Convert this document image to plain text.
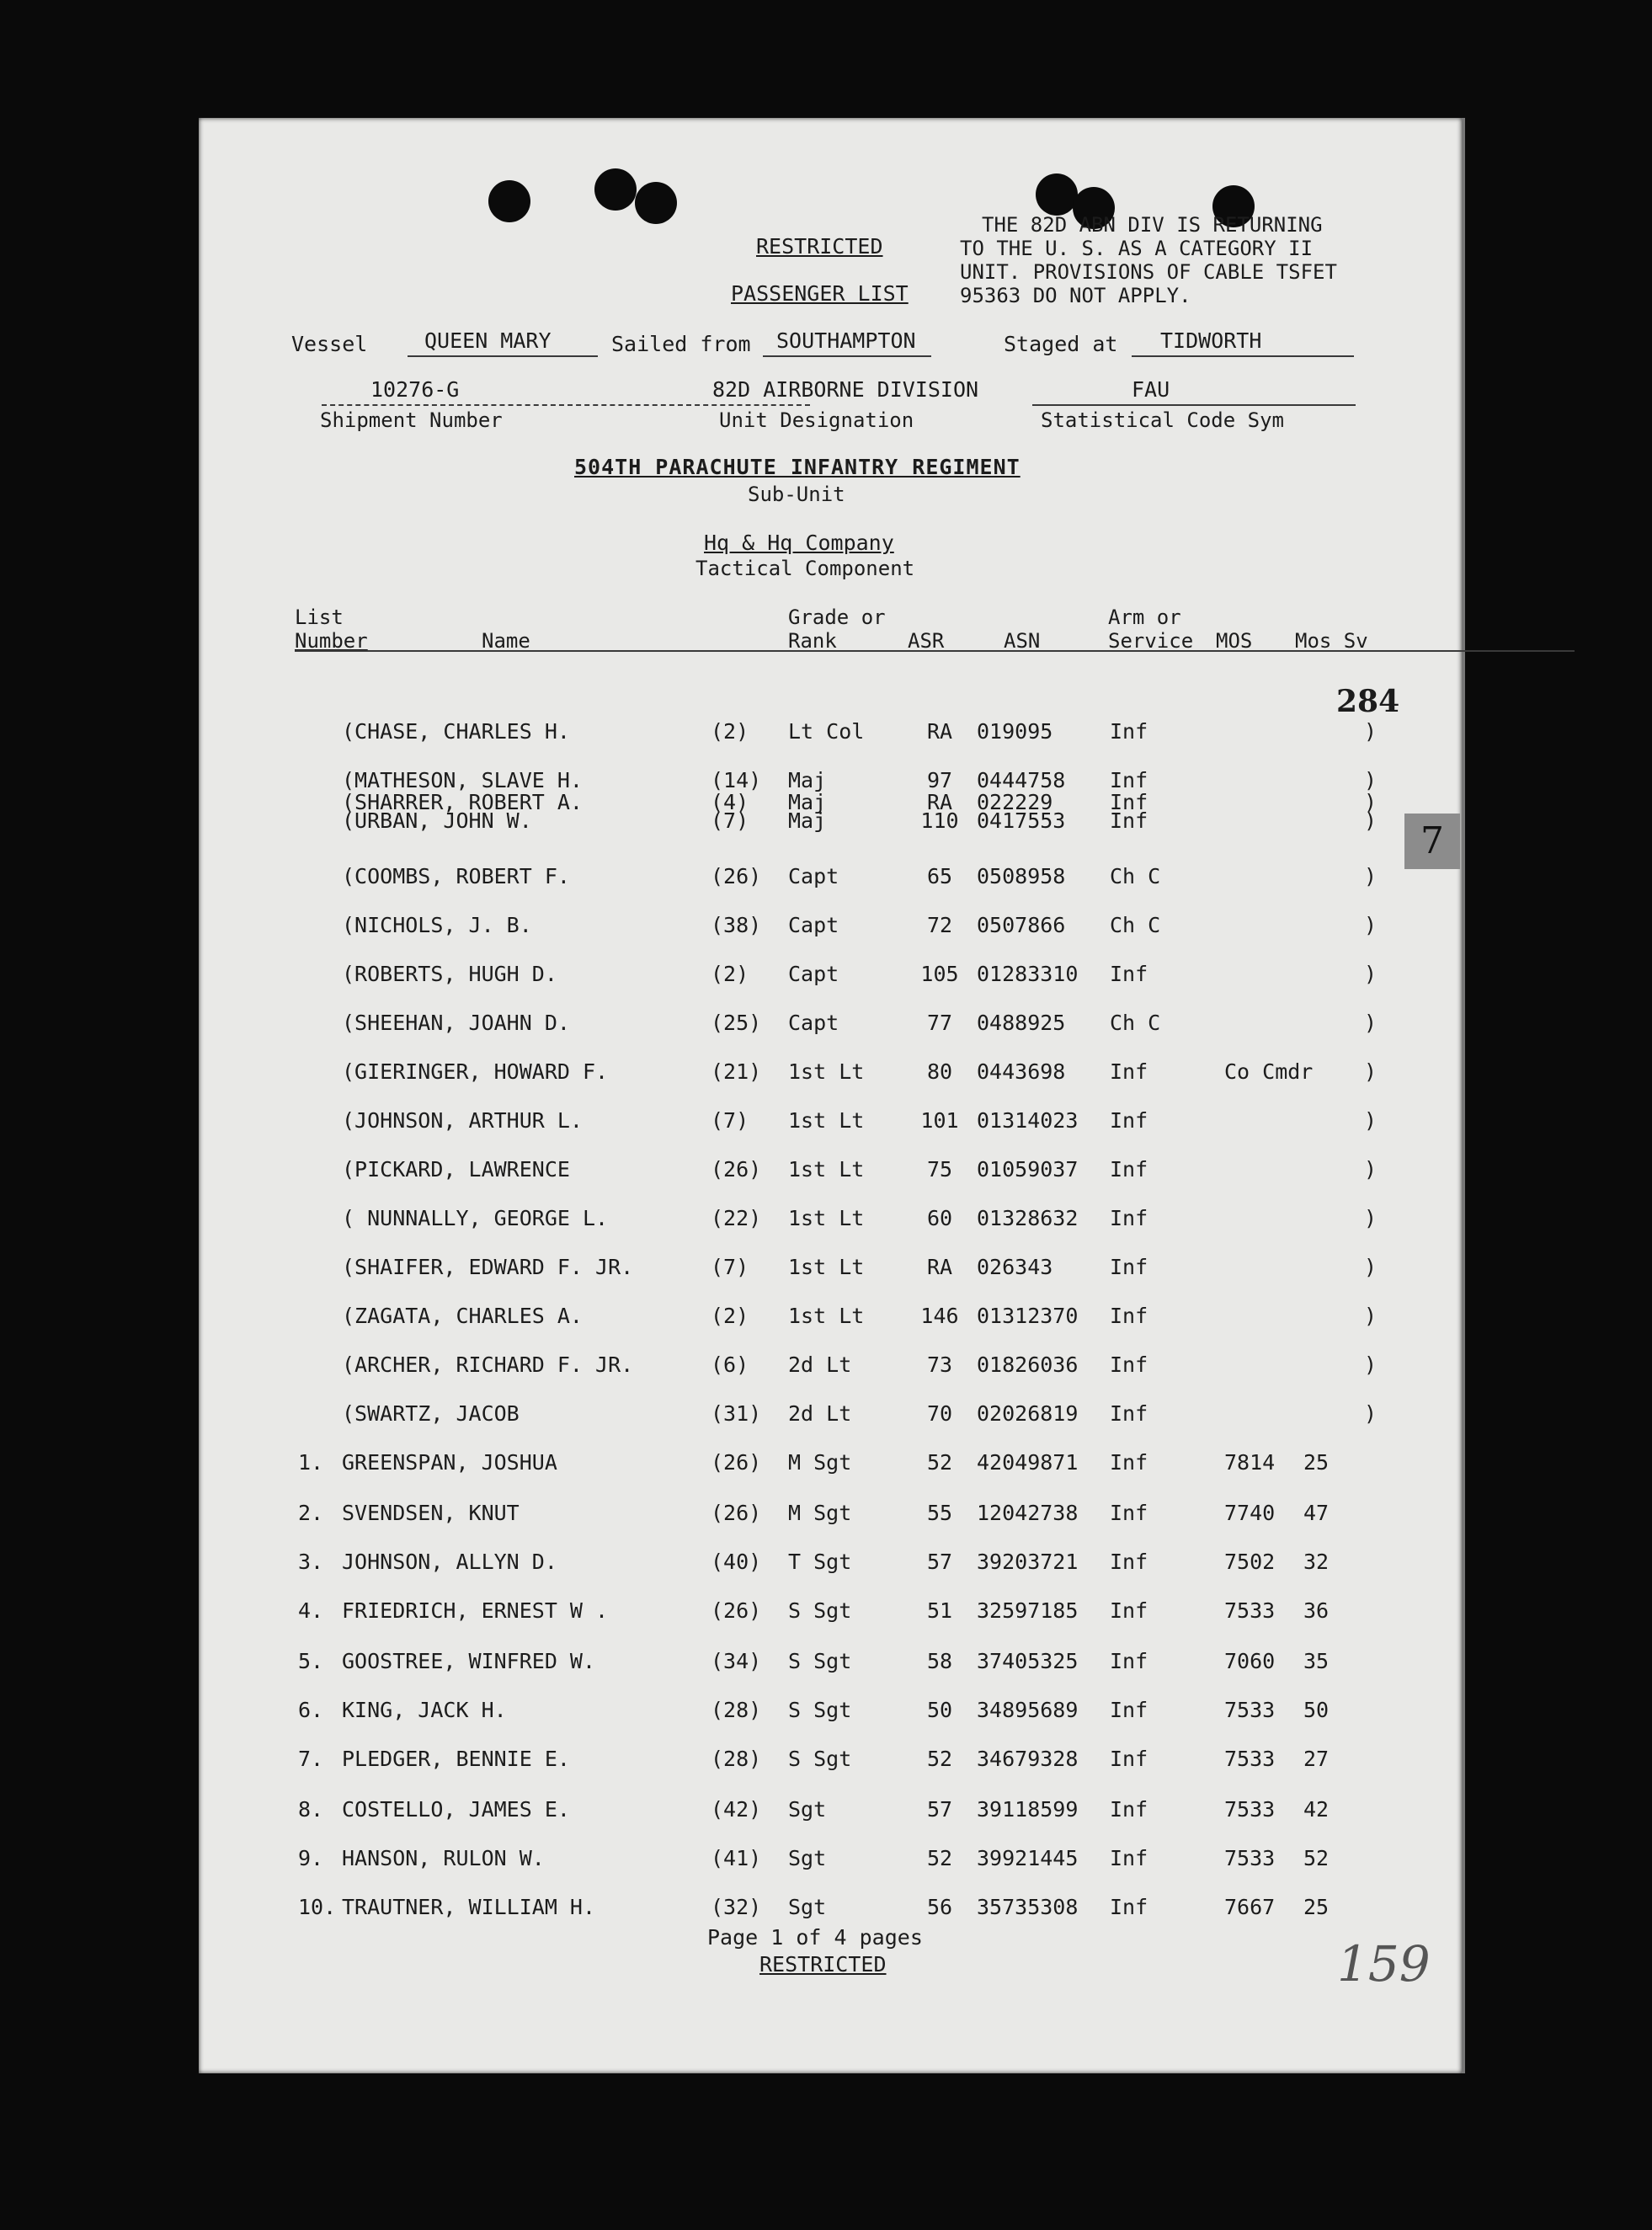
RESTRICTED
PASSENGER LIST
THE 82D ABN DIV IS RETURNING
TO THE U. S. AS A CATEGORY II
UNIT. PROVISIONS OF CABLE TSFET
95363 DO NOT APPLY.
Vessel	QUEEN MARY	Sailed from SOUTHAMPTON	Staged at TIDWORTH
10276-G
Shipment Number
82D AIRBORNE DIVISION
Unit Designation
FAU
Statistical Code Sym
504TH PARACHUTE INFANTRY REGIMENT
Sub-Unit
Hq & Hq Company
Tactical Component
List
Number	Name
Grade or
Rank	ASR	ASN
Arm or
Service MOS Mos Sv
284
(CHASE, CHARLES H.	(2) Lt Col	RA	019095	Inf	)
(MATHESON, SLAVE H.	(14) Maj	97	0444758 Inf	)
(SHARRER, ROBERT A.	(4) Maj	RA	022229	Inf	)
(URBAN, JOHN W.	(7) Maj	110 0417553 Inf	)
(COOMBS, ROBERT F.	(26) Capt	65	0508958 Ch C	)
(NICHOLS, J. B.	(38) Capt	72	0507866 Ch C	)
(ROBERTS, HUGH D.	(2) Capt	105 01283310 Inf	)
(SHEEHAN, JOAHN D.	(25) Capt	77	0488925 Ch C	)
(GIERINGER, HOWARD F.	(21) 1st Lt	80	0443698 Inf	Co Cmdr )
(JOHNSON, ARTHUR L.	(7) 1st Lt	101 01314023 Inf	)
(PICKARD, LAWRENCE	(26) 1st Lt	75	01059037 Inf	)
( NUNNALLY, GEORGE L.	(22) 1st Lt	60	01328632 Inf	)
(SHAIFER, EDWARD F. JR.	(7) 1st Lt	RA	026343	Inf	)
(ZAGATA, CHARLES A.	(2) 1st Lt	146 01312370 Inf	)
(ARCHER, RICHARD F. JR.	(6) 2d Lt	73	01826036 Inf	)
(SWARTZ, JACOB	(31) 2d Lt	70	02026819 Inf	)
1. GREENSPAN, JOSHUA	(26) M Sgt	52	42049871 Inf	7814 25
2. SVENDSEN, KNUT	(26) M Sgt	55	12042738 Inf	7740 47
3. JOHNSON, ALLYN D.	(40) T Sgt	57	39203721 Inf	7502 32
4. FRIEDRICH, ERNEST W .	(26) S Sgt	51	32597185 Inf	7533 36
5. GOOSTREE, WINFRED W.	(34) S Sgt	58	37405325 Inf	7060 35
6. KING, JACK H.	(28) S Sgt	50	34895689 Inf	7533 50
7. PLEDGER, BENNIE E.	(28) S Sgt	52	34679328 Inf	7533 27
8. COSTELLO, JAMES E.	(42) Sgt	57	39118599 Inf	7533 42
9. HANSON, RULON W.	(41) Sgt	52	39921445 Inf	7533 52
10. TRAUTNER, WILLIAM H.	(32) Sgt	56	35735308 Inf	7667 25
Page 1 of 4 pages
RESTRICTED	159
7
